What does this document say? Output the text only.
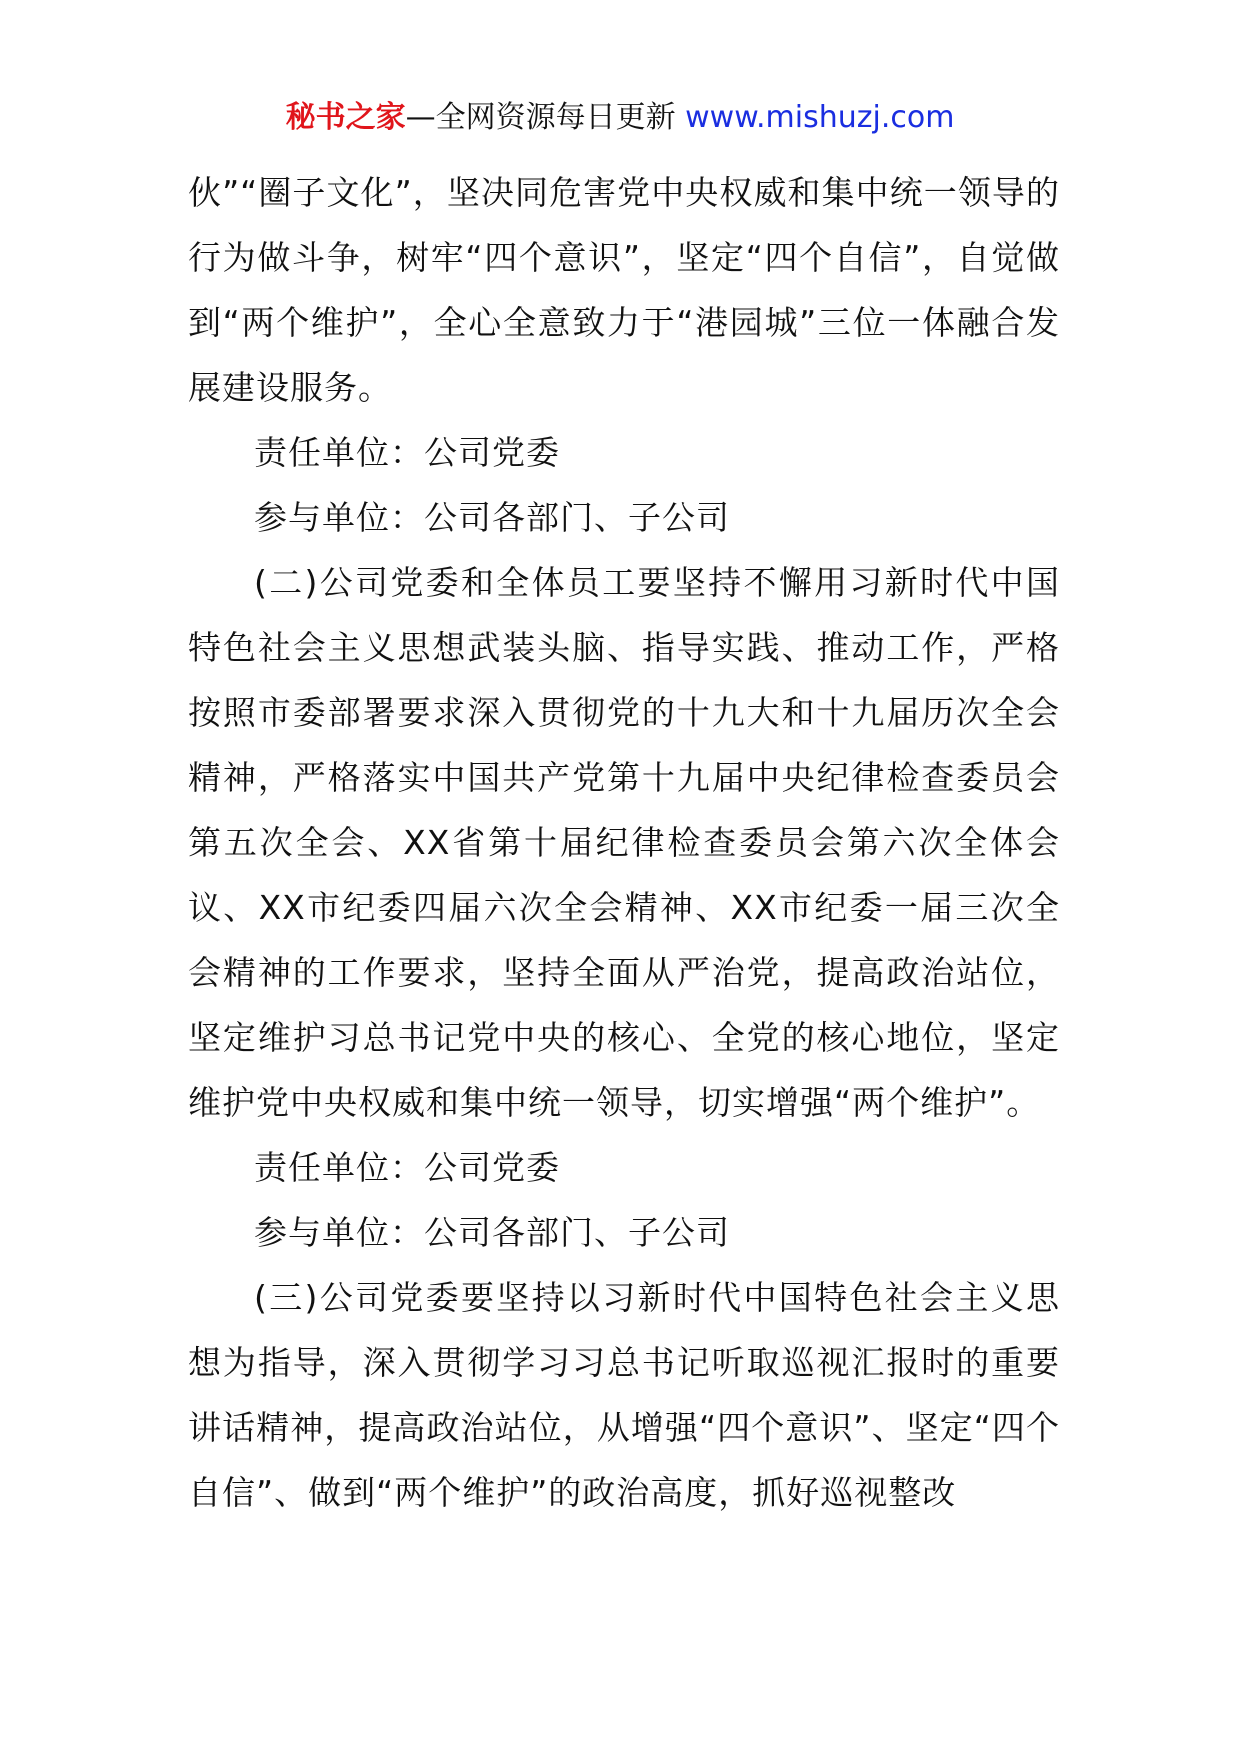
秘书之家—全网资源每日更新 www.mishuzj.com

伙”“圈子文化”，坚决同危害党中央权威和集中统一领导的行为做斗争，树牢“四个意识”，坚定“四个自信”，自觉做到“两个维护”，全心全意致力于“港园城”三位一体融合发展建设服务。

责任单位：公司党委

参与单位：公司各部门、子公司

(二)公司党委和全体员工要坚持不懈用习新时代中国特色社会主义思想武装头脑、指导实践、推动工作，严格按照市委部署要求深入贯彻党的十九大和十九届历次全会精神，严格落实中国共产党第十九届中央纪律检查委员会第五次全会、XX省第十届纪律检查委员会第六次全体会议、XX市纪委四届六次全会精神、XX市纪委一届三次全会精神的工作要求，坚持全面从严治党，提高政治站位，坚定维护习总书记党中央的核心、全党的核心地位，坚定维护党中央权威和集中统一领导，切实增强“两个维护”。

责任单位：公司党委

参与单位：公司各部门、子公司

(三)公司党委要坚持以习新时代中国特色社会主义思想为指导，深入贯彻学习习总书记听取巡视汇报时的重要讲话精神，提高政治站位，从增强“四个意识”、坚定“四个自信”、做到“两个维护”的政治高度，抓好巡视整改
